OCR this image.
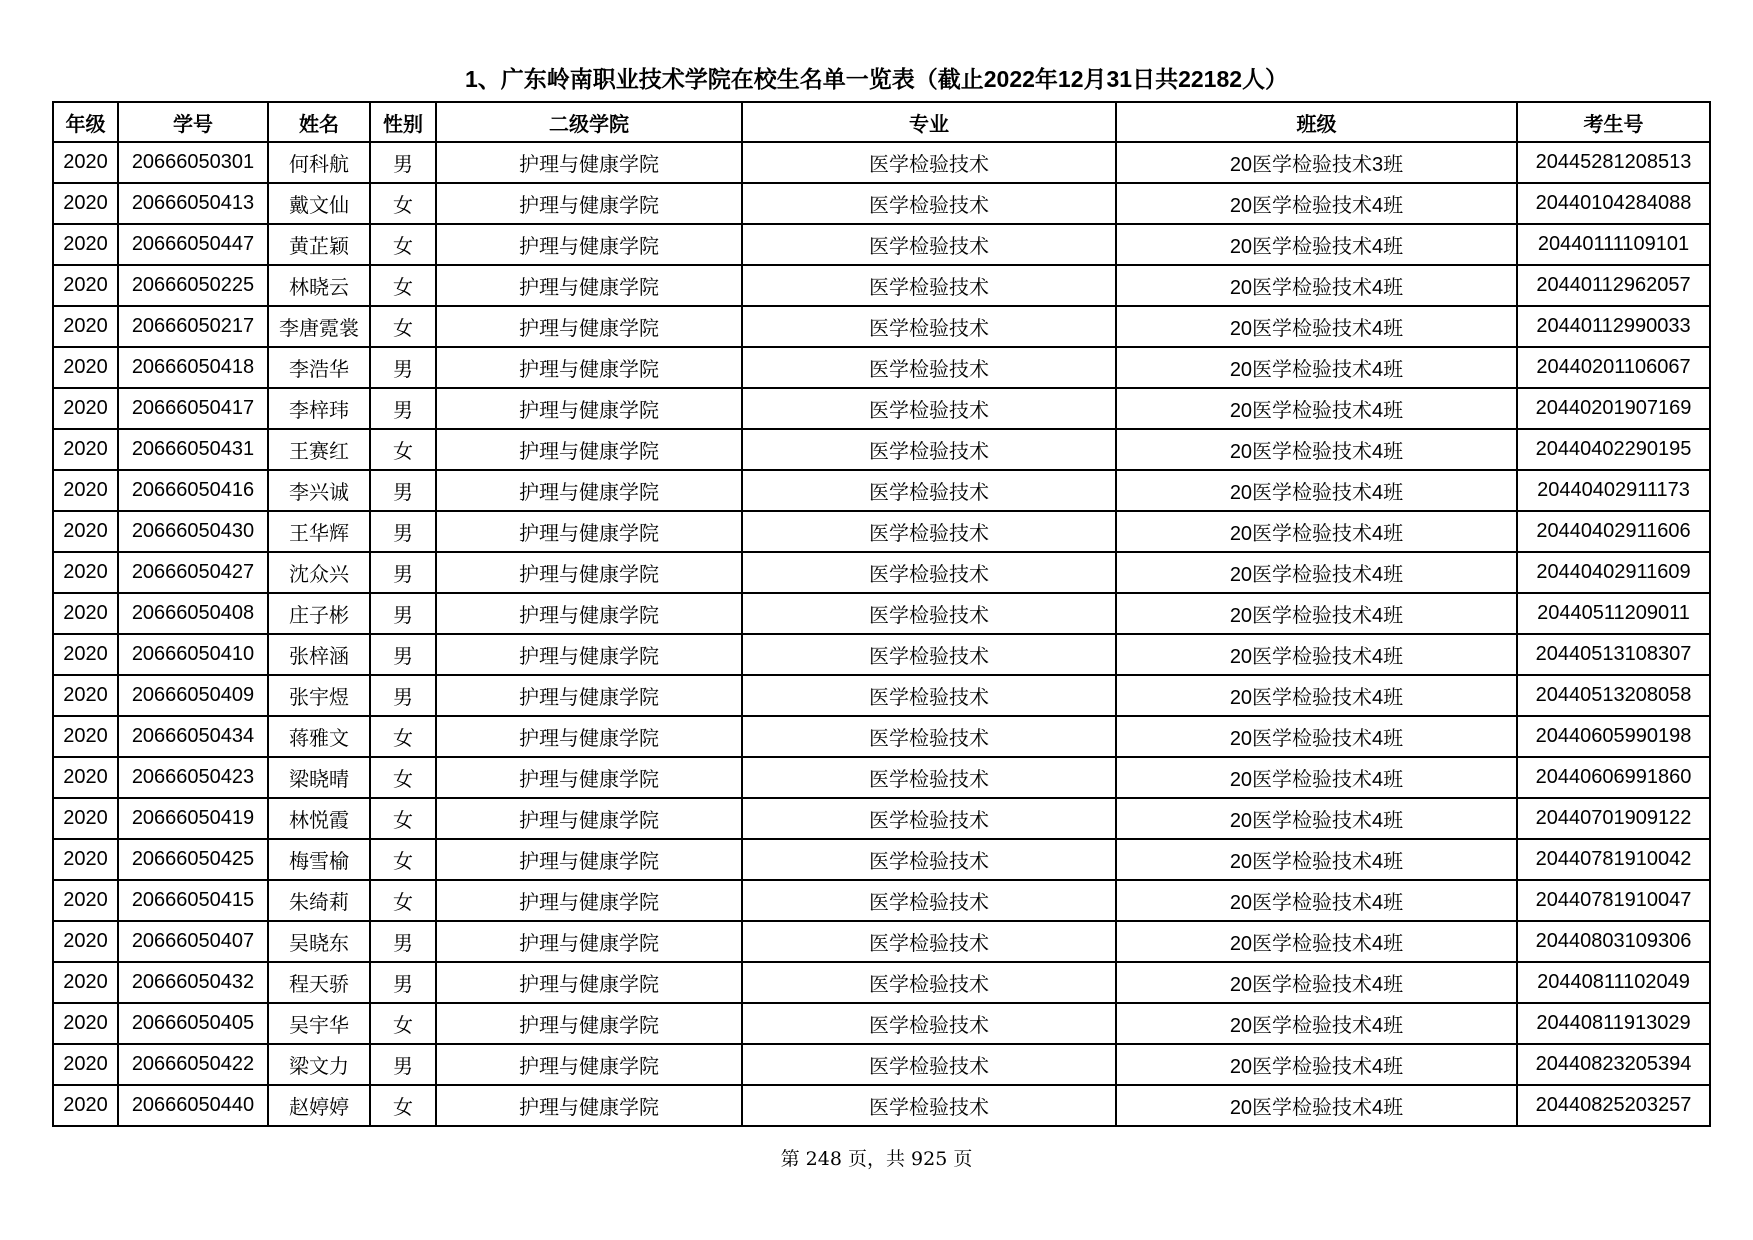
1、广东岭南职业技术学院在校生名单一览表（截止2022年12月31日共22182人）
年级	学号	姓名	性别	二级学院	专业	班级	考生号
2020	20666050301	何科航	男	护理与健康学院	医学检验技术	20医学检验技术3班	20445281208513
2020	20666050413	戴文仙	女	护理与健康学院	医学检验技术	20医学检验技术4班	20440104284088
2020	20666050447	黄芷颖	女	护理与健康学院	医学检验技术	20医学检验技术4班	20440111109101
2020	20666050225	林晓云	女	护理与健康学院	医学检验技术	20医学检验技术4班	20440112962057
2020	20666050217	李唐霓裳	女	护理与健康学院	医学检验技术	20医学检验技术4班	20440112990033
2020	20666050418	李浩华	男	护理与健康学院	医学检验技术	20医学检验技术4班	20440201106067
2020	20666050417	李梓玮	男	护理与健康学院	医学检验技术	20医学检验技术4班	20440201907169
2020	20666050431	王赛红	女	护理与健康学院	医学检验技术	20医学检验技术4班	20440402290195
2020	20666050416	李兴诚	男	护理与健康学院	医学检验技术	20医学检验技术4班	20440402911173
2020	20666050430	王华辉	男	护理与健康学院	医学检验技术	20医学检验技术4班	20440402911606
2020	20666050427	沈众兴	男	护理与健康学院	医学检验技术	20医学检验技术4班	20440402911609
2020	20666050408	庄子彬	男	护理与健康学院	医学检验技术	20医学检验技术4班	20440511209011
2020	20666050410	张梓涵	男	护理与健康学院	医学检验技术	20医学检验技术4班	20440513108307
2020	20666050409	张宇煜	男	护理与健康学院	医学检验技术	20医学检验技术4班	20440513208058
2020	20666050434	蒋雅文	女	护理与健康学院	医学检验技术	20医学检验技术4班	20440605990198
2020	20666050423	梁晓晴	女	护理与健康学院	医学检验技术	20医学检验技术4班	20440606991860
2020	20666050419	林悦霞	女	护理与健康学院	医学检验技术	20医学检验技术4班	20440701909122
2020	20666050425	梅雪榆	女	护理与健康学院	医学检验技术	20医学检验技术4班	20440781910042
2020	20666050415	朱绮莉	女	护理与健康学院	医学检验技术	20医学检验技术4班	20440781910047
2020	20666050407	吴晓东	男	护理与健康学院	医学检验技术	20医学检验技术4班	20440803109306
2020	20666050432	程天骄	男	护理与健康学院	医学检验技术	20医学检验技术4班	20440811102049
2020	20666050405	吴宇华	女	护理与健康学院	医学检验技术	20医学检验技术4班	20440811913029
2020	20666050422	梁文力	男	护理与健康学院	医学检验技术	20医学检验技术4班	20440823205394
2020	20666050440	赵婷婷	女	护理与健康学院	医学检验技术	20医学检验技术4班	20440825203257
第 248 页，共 925 页
